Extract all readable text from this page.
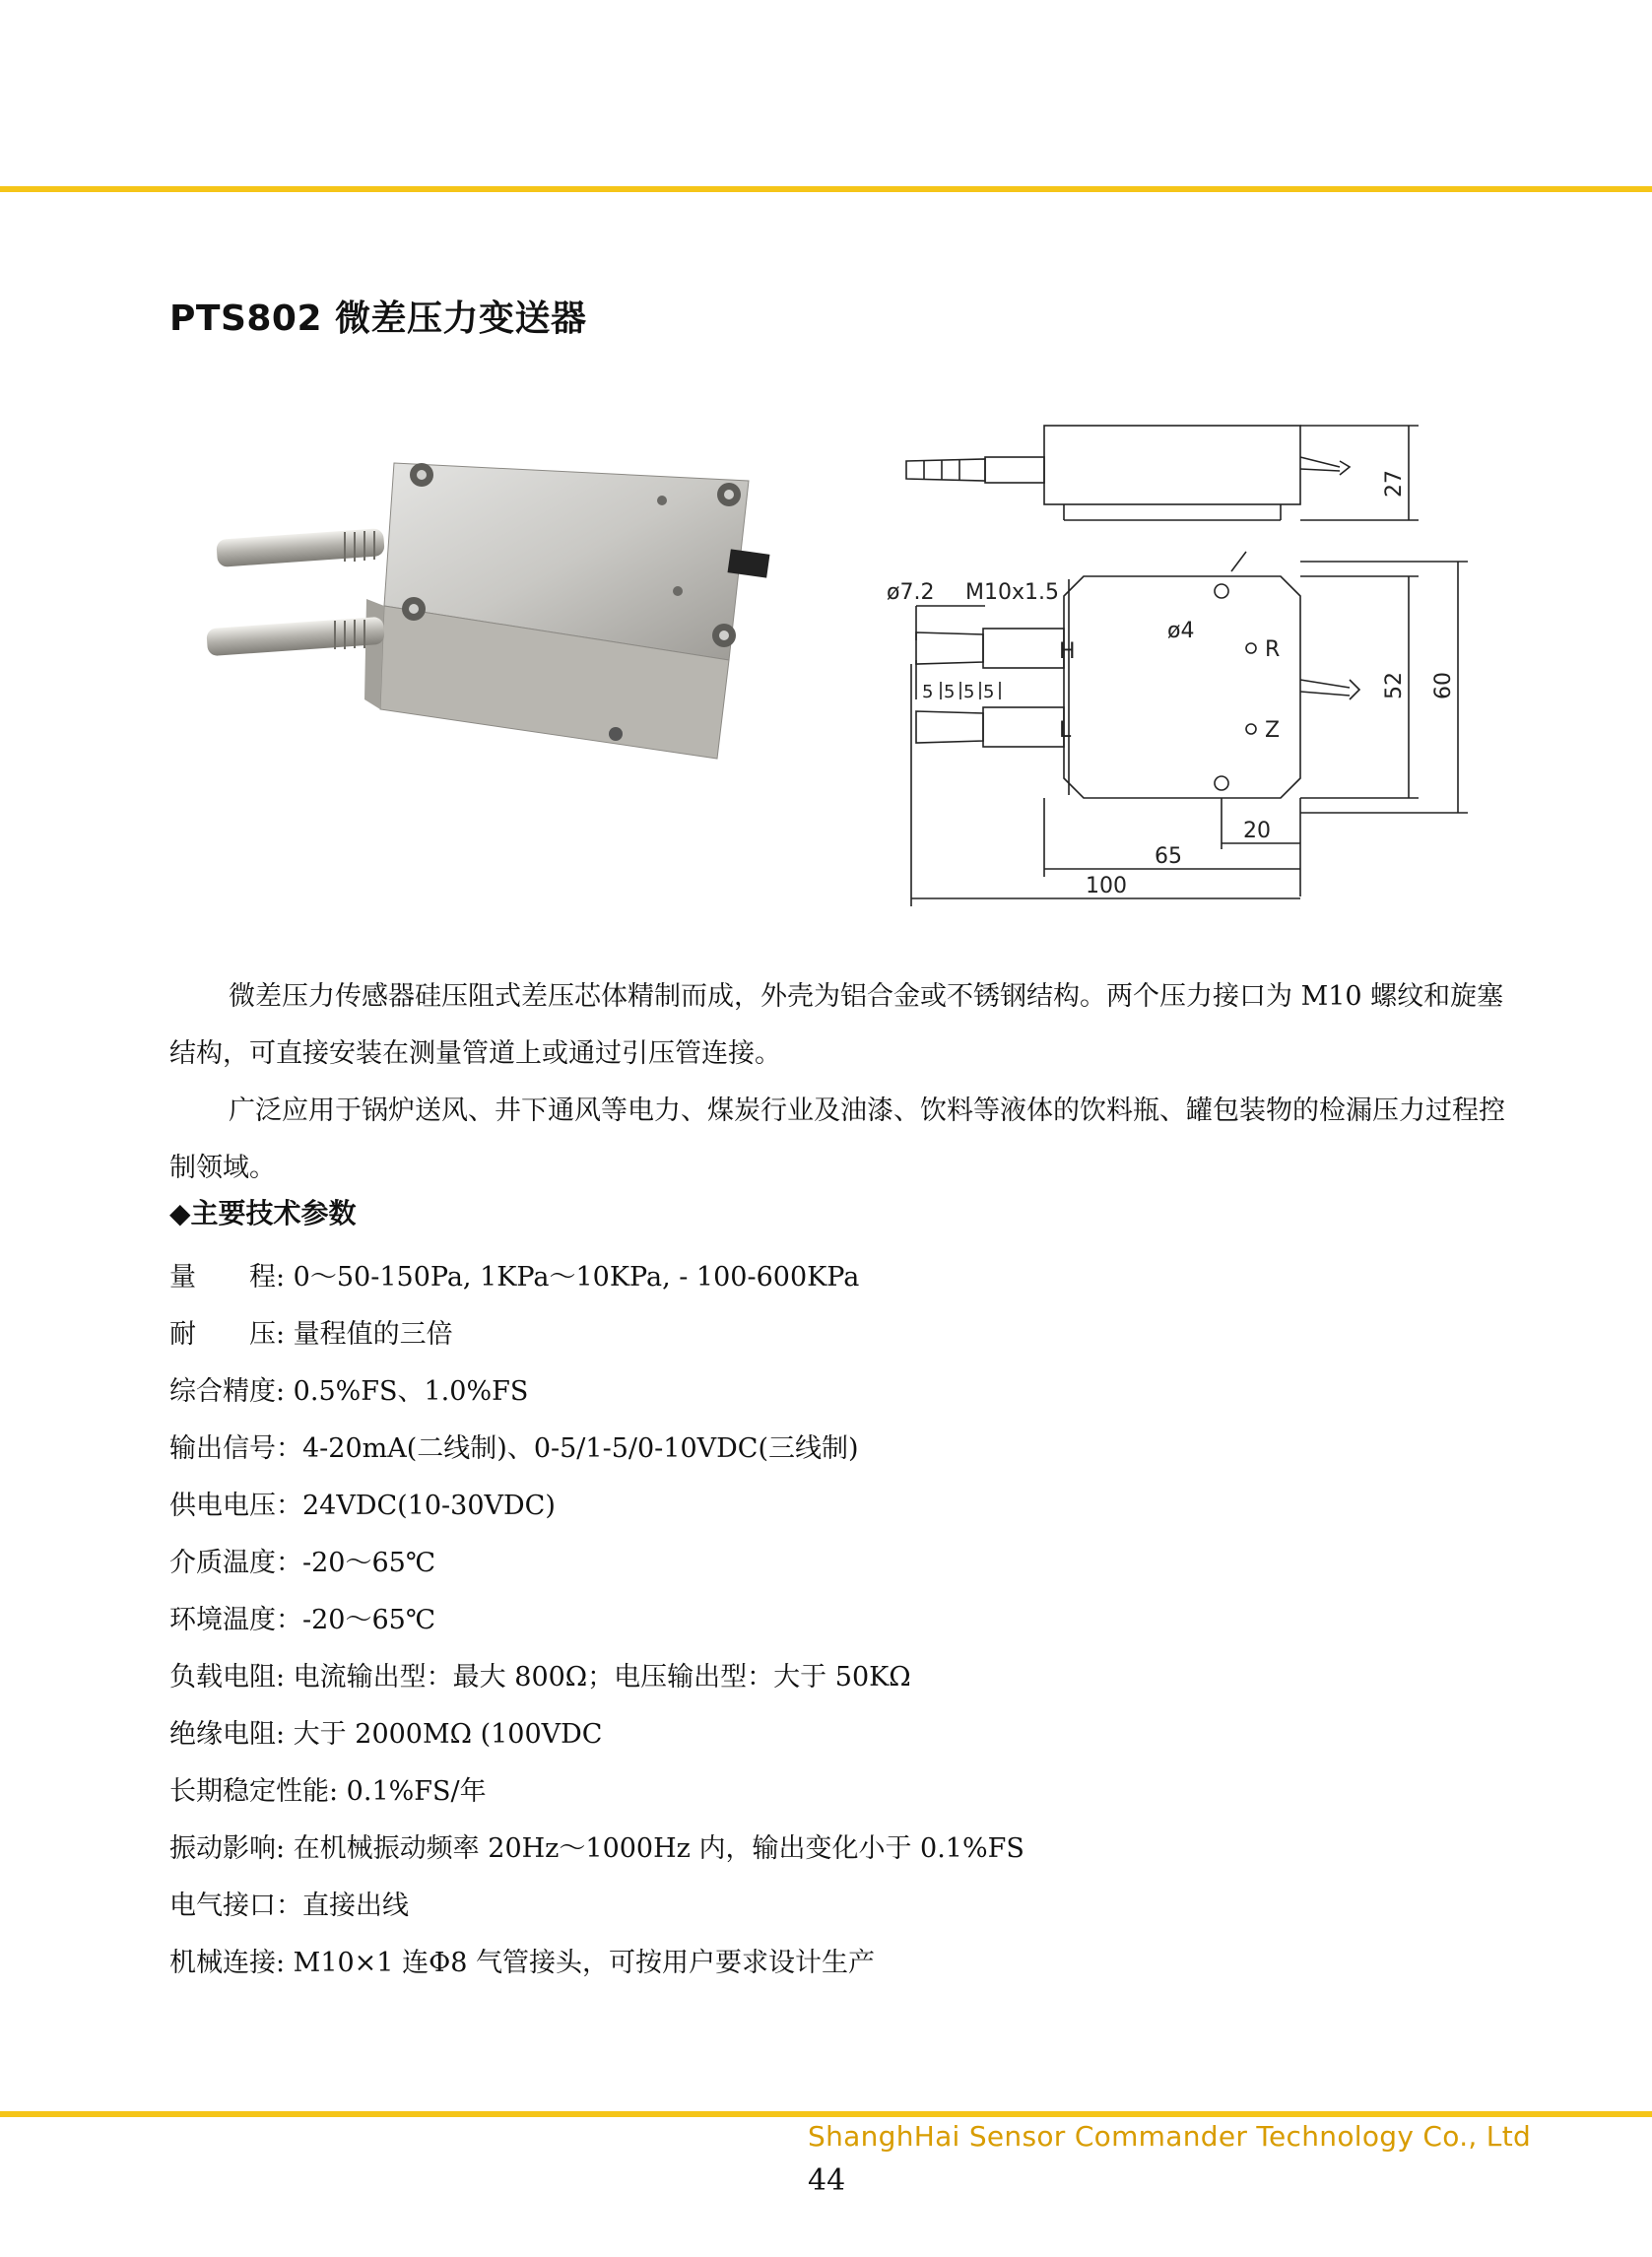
PTS802 微差压力变送器
ø7.2 M10x1.5
ø4
H
L
R
Z
27
52 60
20
65
100
5 5 5 5

微差压力传感器硅压阻式差压芯体精制而成，外壳为铝合金或不锈钢结构。两个压力接口为 M10 螺纹和旋塞结构，可直接安装在测量管道上或通过引压管连接。

广泛应用于锅炉送风、井下通风等电力、煤炭行业及油漆、饮料等液体的饮料瓶、罐包装物的检漏压力过程控制领域。

◆主要技术参数
量　　程: 0～50-150Pa, 1KPa～10KPa, - 100-600KPa
耐　　压: 量程值的三倍
综合精度: 0.5%FS、1.0%FS
输出信号：4-20mA(二线制)、0-5/1-5/0-10VDC(三线制)
供电电压：24VDC(10-30VDC)
介质温度：-20～65℃
环境温度：-20～65℃
负载电阻: 电流输出型：最大 800Ω；电压输出型：大于 50KΩ
绝缘电阻: 大于 2000MΩ (100VDC
长期稳定性能: 0.1%FS/年
振动影响: 在机械振动频率 20Hz～1000Hz 内，输出变化小于 0.1%FS
电气接口：直接出线
机械连接: M10×1 连Φ8 气管接头，可按用户要求设计生产
ShanghHai Sensor Commander Technology Co., Ltd
44
